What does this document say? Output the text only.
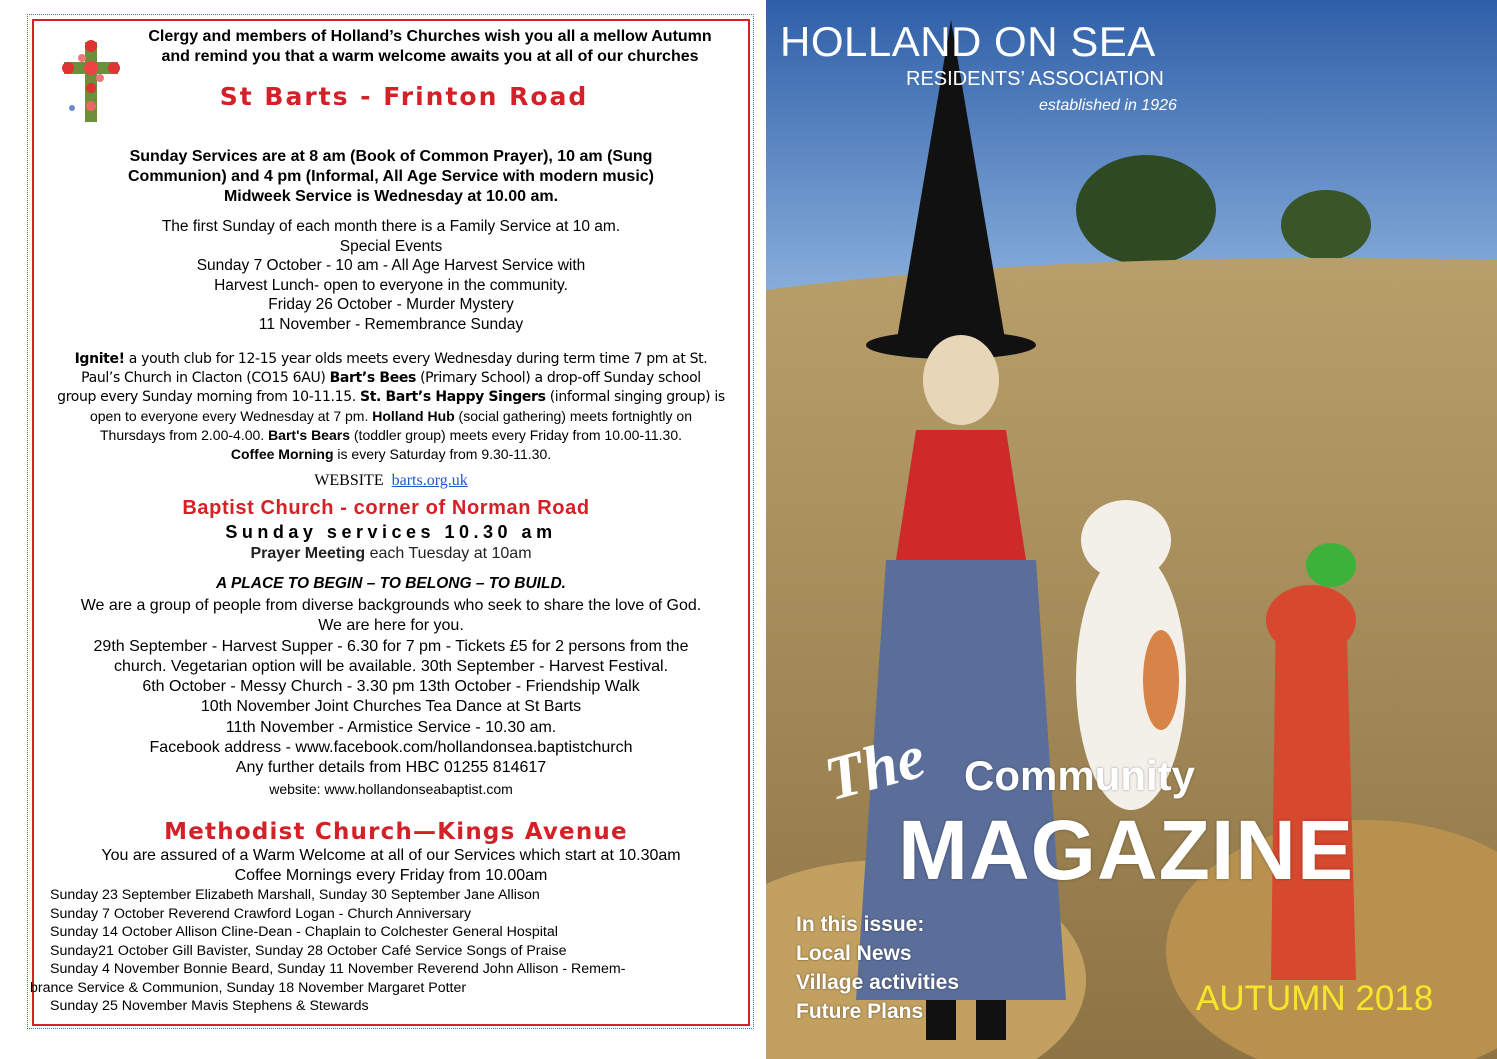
Clergy and members of Holland’s Churches wish you all a mellow Autumn and remind you that a warm welcome awaits you at all of our churches
St Barts - Frinton Road
Sunday Services are at 8 am (Book of Common Prayer), 10 am (Sung
Communion) and 4 pm (Informal, All Age Service with modern music)
Midweek Service is Wednesday at 10.00 am.
The first Sunday of each month there is a Family Service at 10 am.
Special Events
Sunday 7 October - 10 am - All Age Harvest Service with
Harvest Lunch- open to everyone in the community.
Friday 26 October - Murder Mystery
11 November - Remembrance Sunday
Ignite! a youth club for 12-15 year olds meets every Wednesday during term time 7 pm at St.
Paul’s Church in Clacton (CO15 6AU) Bart’s Bees (Primary School) a drop-off Sunday school
group every Sunday morning from 10-11.15. St. Bart’s Happy Singers (informal singing group) is
open to everyone every Wednesday at 7 pm. Holland Hub (social gathering) meets fortnightly on
Thursdays from 2.00-4.00. Bart's Bears (toddler group) meets every Friday from 10.00-11.30.
Coffee Morning is every Saturday from 9.30-11.30.
WEBSITE barts.org.uk
Baptist Church - corner of Norman Road
Sunday services 10.30 am
Prayer Meeting each Tuesday at 10am
A PLACE TO BEGIN – TO BELONG – TO BUILD.
We are a group of people from diverse backgrounds who seek to share the love of God.
We are here for you.
29th September - Harvest Supper - 6.30 for 7 pm - Tickets £5 for 2 persons from the
church. Vegetarian option will be available. 30th September - Harvest Festival.
6th October - Messy Church - 3.30 pm 13th October - Friendship Walk
10th November Joint Churches Tea Dance at St Barts
11th November - Armistice Service - 10.30 am.
Facebook address - www.facebook.com/hollandonsea.baptistchurch
Any further details from HBC 01255 814617
website: www.hollandonseabaptist.com
Methodist Church—Kings Avenue
You are assured of a Warm Welcome at all of our Services which start at 10.30am
Coffee Mornings every Friday from 10.00am
Sunday 23 September Elizabeth Marshall, Sunday 30 September Jane Allison
Sunday 7 October Reverend Crawford Logan - Church Anniversary
Sunday 14 October Allison Cline-Dean - Chaplain to Colchester General Hospital
Sunday21 October Gill Bavister, Sunday 28 October Café Service Songs of Praise
Sunday 4 November Bonnie Beard, Sunday 11 November Reverend John Allison - Remem-
brance Service & Communion, Sunday 18 November Margaret Potter
Sunday 25 November Mavis Stephens & Stewards
HOLLAND ON SEA
RESIDENTS’ ASSOCIATION
established in 1926
The Community
MAGAZINE
In this issue:
Local News
Village activities
Future Plans	AUTUMN 2018
